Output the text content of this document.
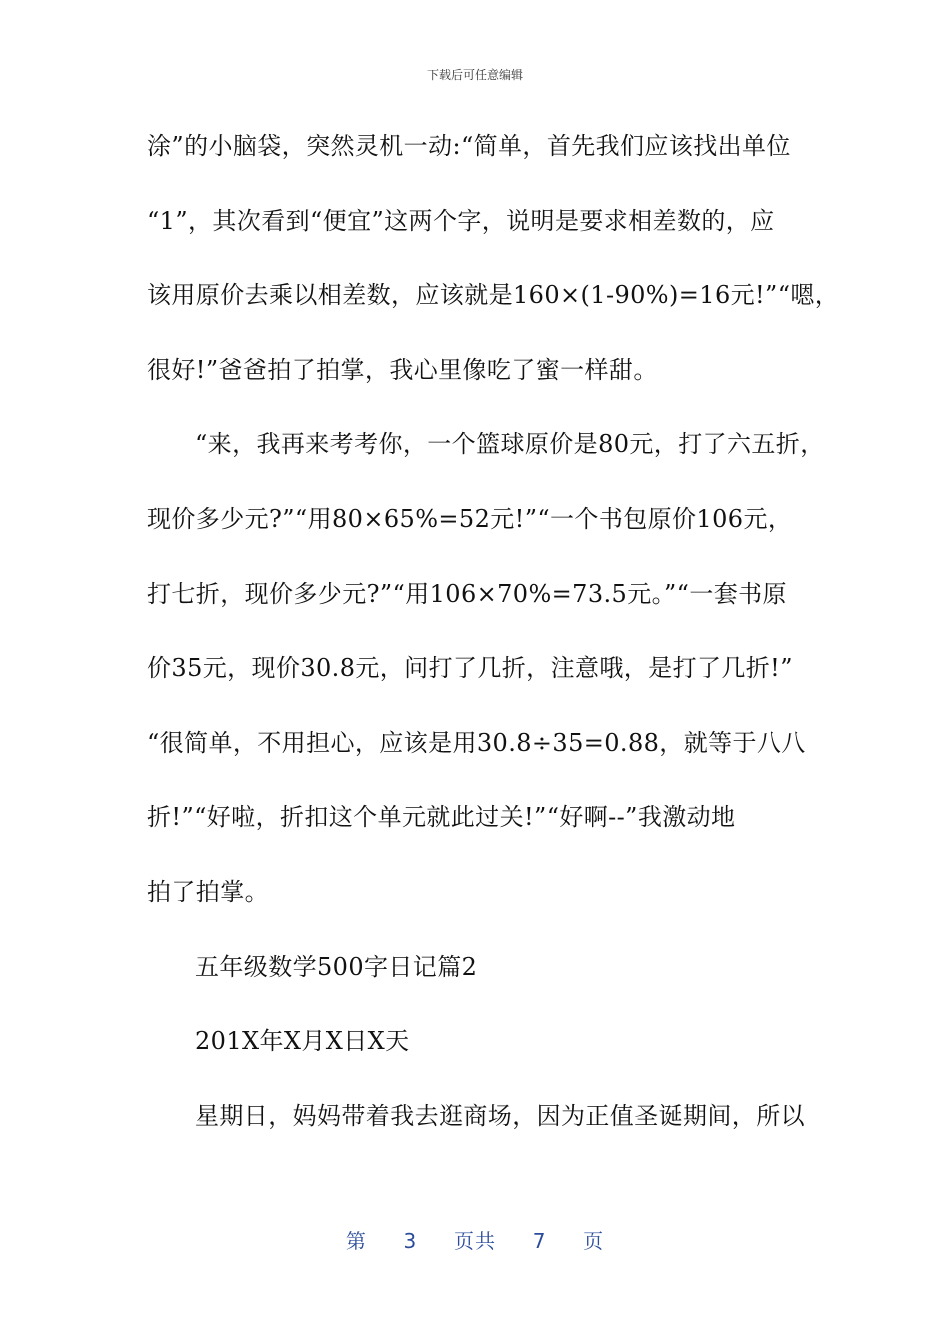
下载后可任意编辑
涂”的小脑袋，突然灵机一动:“简单，首先我们应该找出单位
“1”，其次看到“便宜”这两个字，说明是要求相差数的，应
该用原价去乘以相差数，应该就是160×(1-90%)=16元!”“嗯，
很好!”爸爸拍了拍掌，我心里像吃了蜜一样甜。
“来，我再来考考你，一个篮球原价是80元，打了六五折，
现价多少元?”“用80×65%=52元!”“一个书包原价106元，
打七折，现价多少元?”“用106×70%=73.5元。”“一套书原
价35元，现价30.8元，问打了几折，注意哦，是打了几折!”
“很简单，不用担心，应该是用30.8÷35=0.88，就等于八八
折!”“好啦，折扣这个单元就此过关!”“好啊--”我激动地
拍了拍掌。
五年级数学500字日记篇2
201X年X月X日X天
星期日，妈妈带着我去逛商场，因为正值圣诞期间，所以
第 3 页共 7 页
